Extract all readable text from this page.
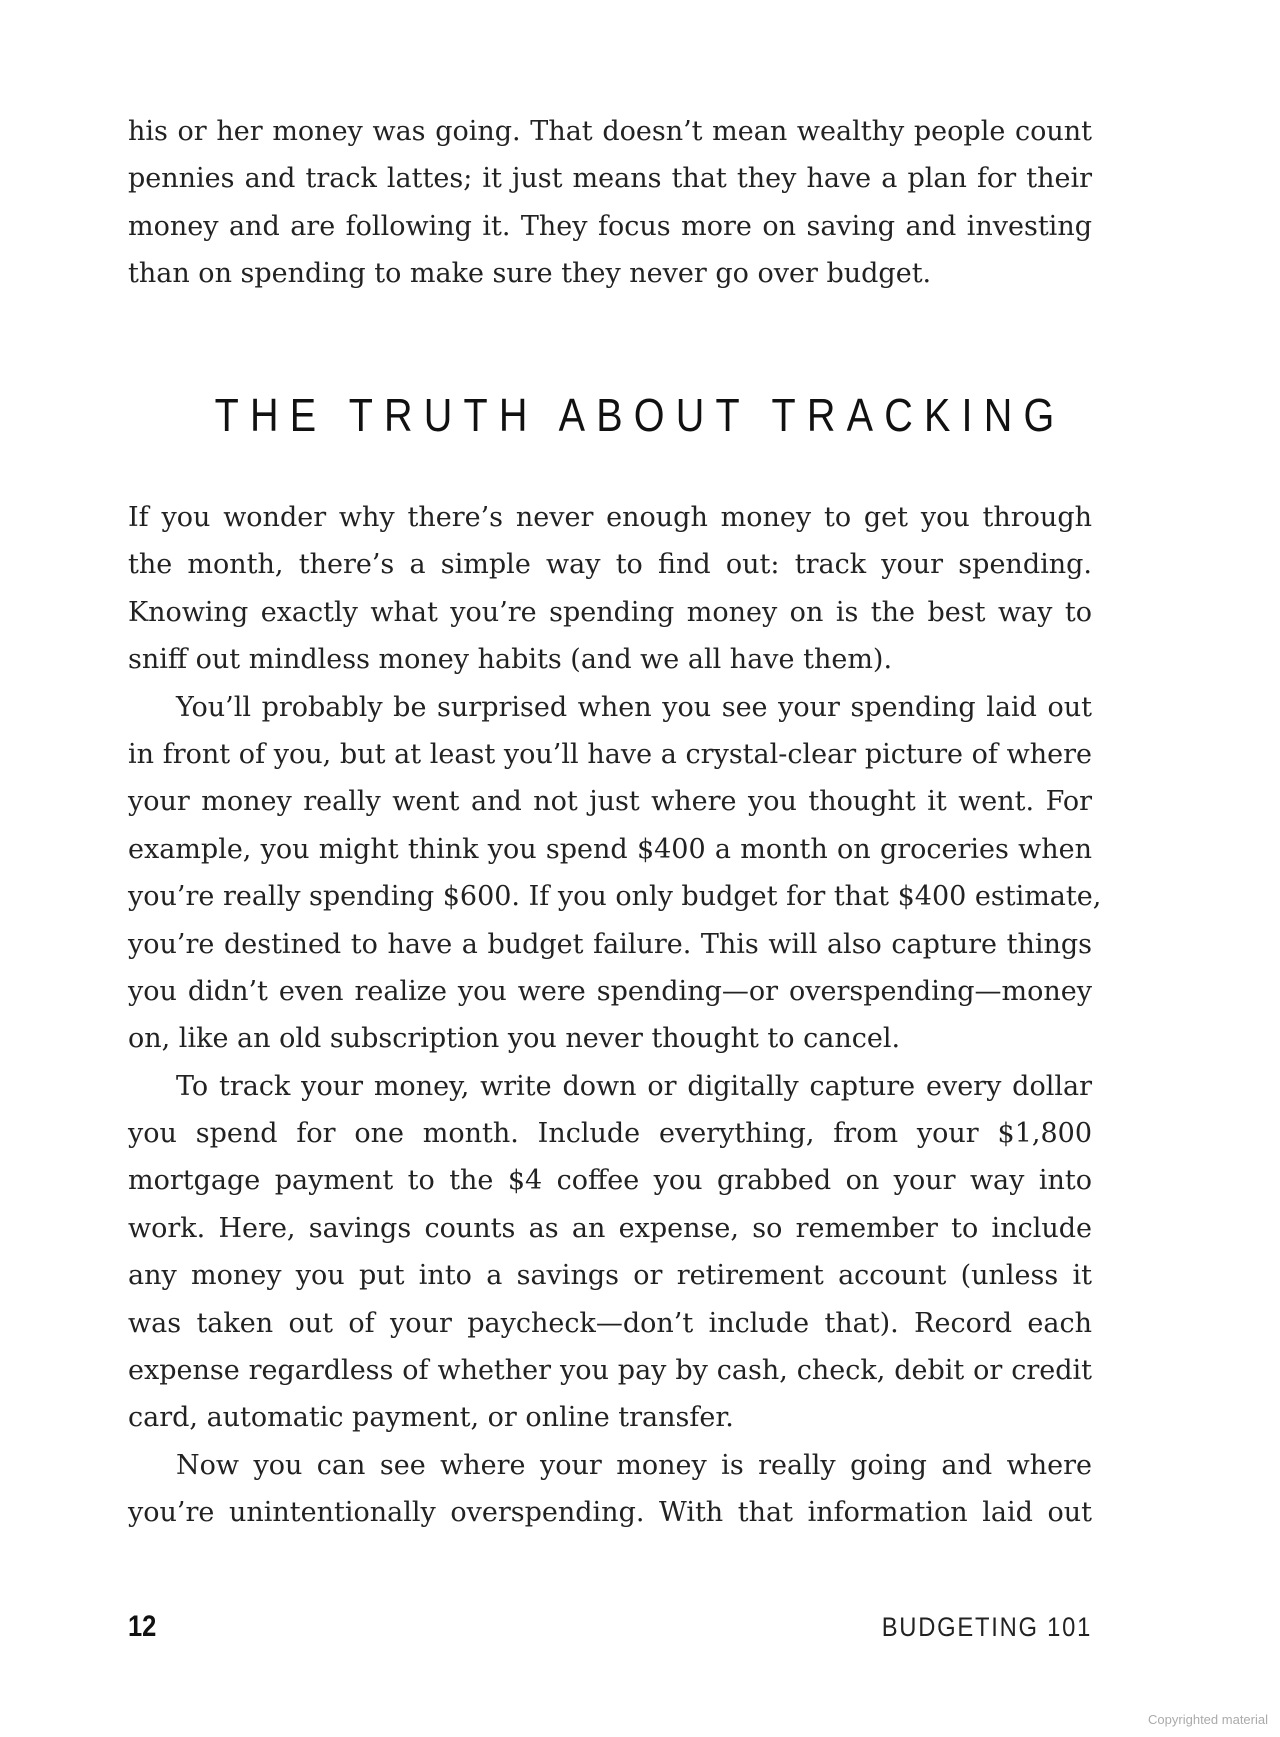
his or her money was going. That doesn’t mean wealthy people count
pennies and track lattes; it just means that they have a plan for their
money and are following it. They focus more on saving and investing
than on spending to make sure they never go over budget.
THE TRUTH ABOUT TRACKING
If you wonder why there’s never enough money to get you through
the month, there’s a simple way to find out: track your spending.
Knowing exactly what you’re spending money on is the best way to
sniff out mindless money habits (and we all have them).
You’ll probably be surprised when you see your spending laid out
in front of you, but at least you’ll have a crystal-clear picture of where
your money really went and not just where you thought it went. For
example, you might think you spend $400 a month on groceries when
you’re really spending $600. If you only budget for that $400 estimate,
you’re destined to have a budget failure. This will also capture things
you didn’t even realize you were spending—or overspending—money
on, like an old subscription you never thought to cancel.
To track your money, write down or digitally capture every dollar
you spend for one month. Include everything, from your $1,800
mortgage payment to the $4 coffee you grabbed on your way into
work. Here, savings counts as an expense, so remember to include
any money you put into a savings or retirement account (unless it
was taken out of your paycheck—don’t include that). Record each
expense regardless of whether you pay by cash, check, debit or credit
card, automatic payment, or online transfer.
Now you can see where your money is really going and where
you’re unintentionally overspending. With that information laid out
12	BUDGETING 101
Copyrighted material
